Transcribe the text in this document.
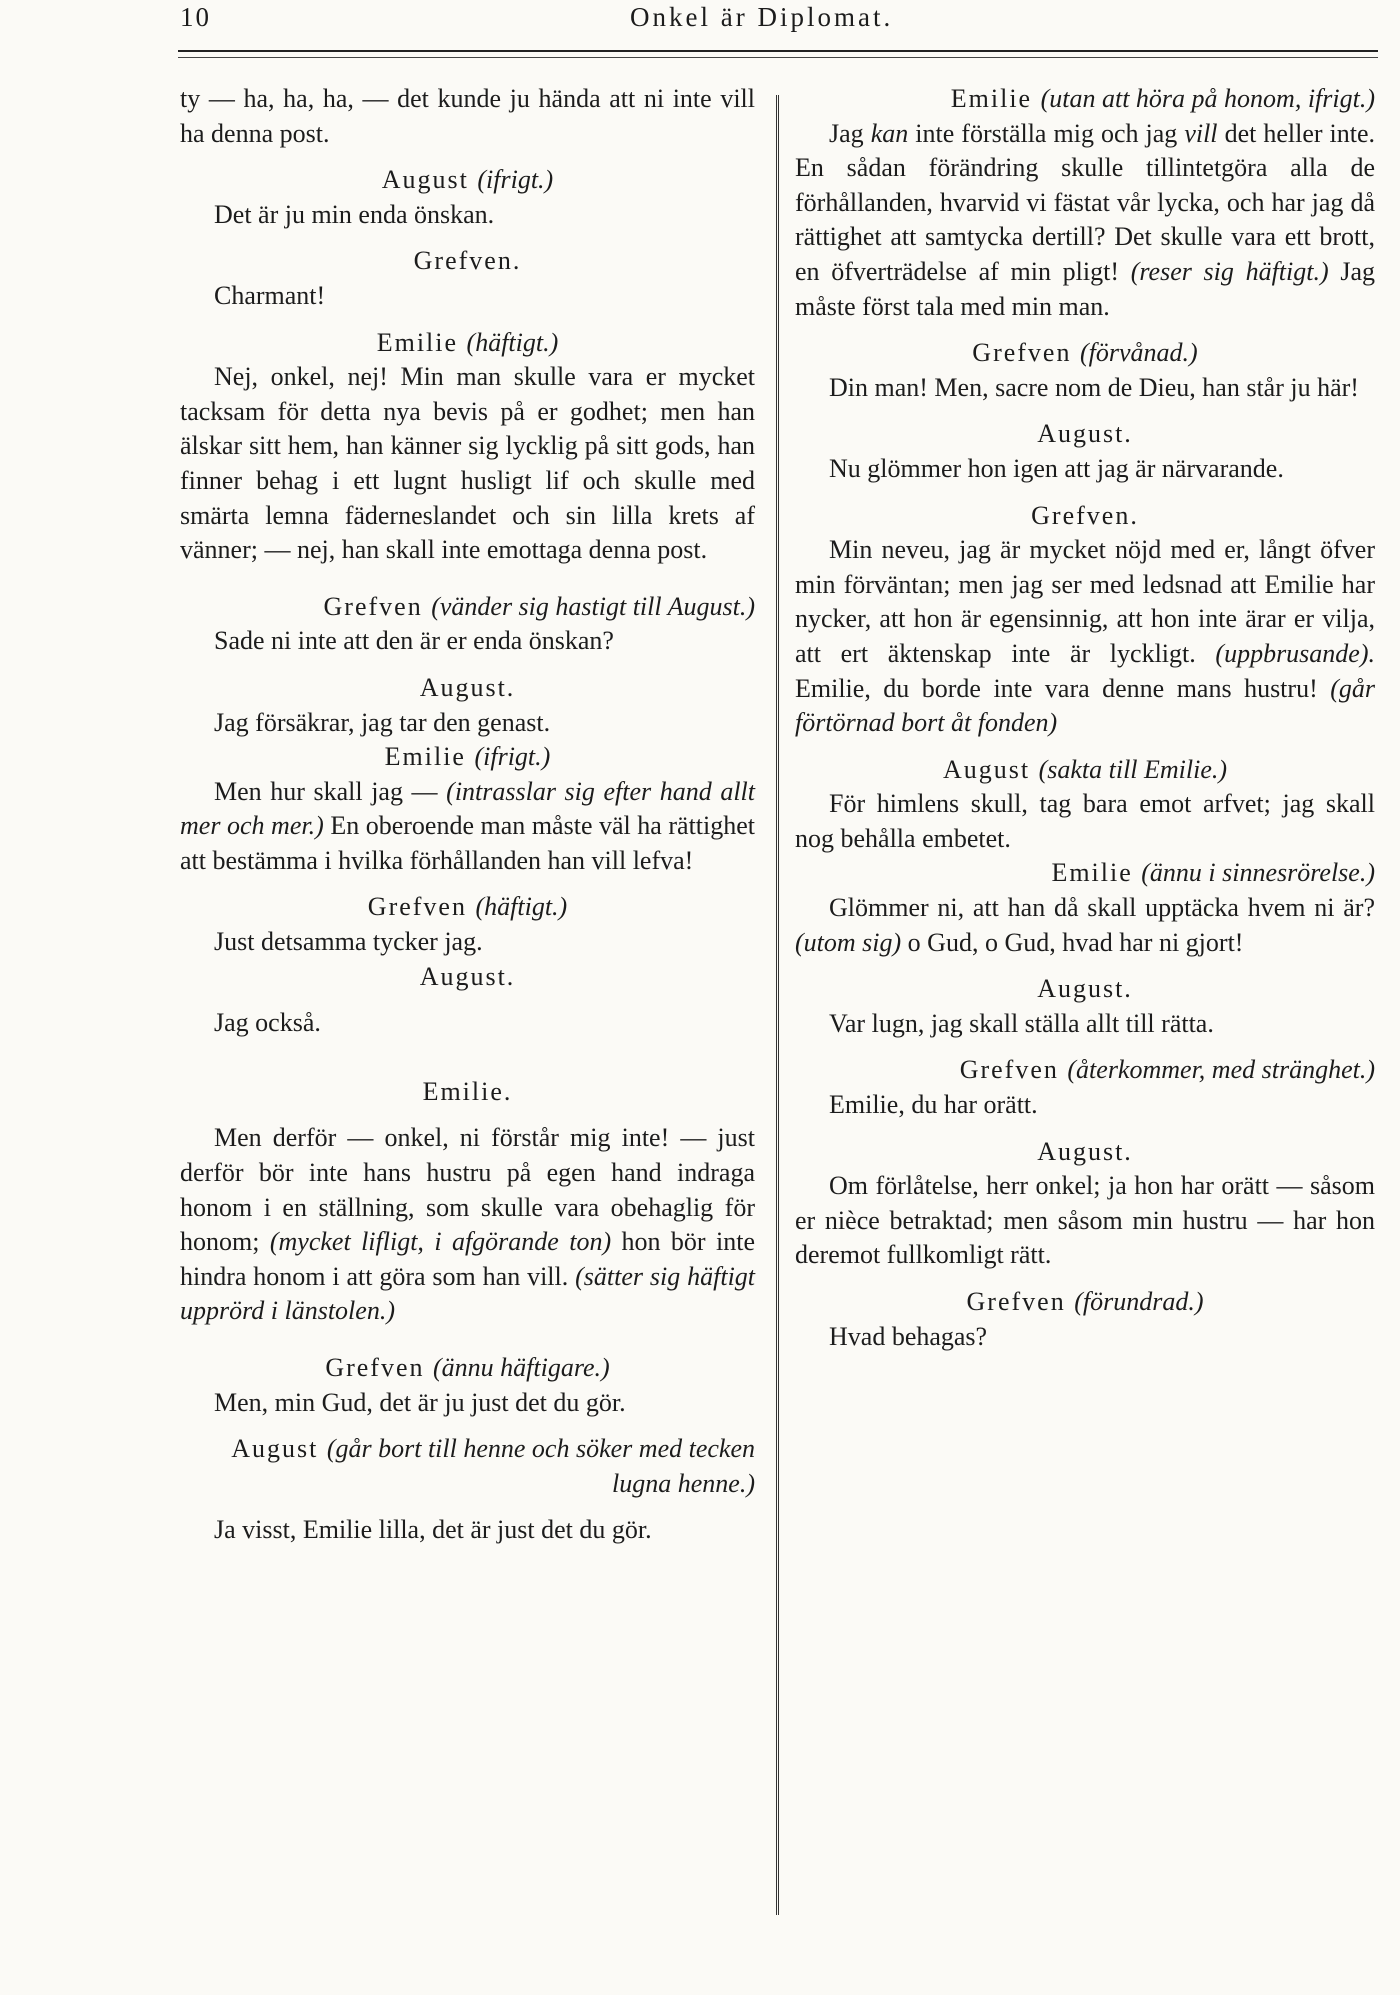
10	Onkel är Diplomat.

ty — ha, ha, ha, — det kunde ju hända att ni inte vill ha denna post.

August (ifrigt.)

Det är ju min enda önskan.

Grefven.

Charmant!

Emilie (häftigt.)

Nej, onkel, nej! Min man skulle vara er mycket tacksam för detta nya bevis på er godhet; men han älskar sitt hem, han känner sig lycklig på sitt gods, han finner behag i ett lugnt husligt lif och skulle med smärta lemna fäderneslandet och sin lilla krets af vänner; — nej, han skall inte emottaga denna post.

Grefven (vänder sig hastigt till August.)

Sade ni inte att den är er enda önskan?

August.

Jag försäkrar, jag tar den genast.

Emilie (ifrigt.)

Men hur skall jag — (intrasslar sig efter hand allt mer och mer.) En oberoende man måste väl ha rättighet att bestämma i hvilka förhållanden han vill lefva!

Grefven (häftigt.)

Just detsamma tycker jag.

August.

Jag också.

Emilie.

Men derför — onkel, ni förstår mig inte! — just derför bör inte hans hustru på egen hand indraga honom i en ställning, som skulle vara obehaglig för honom; (mycket lifligt, i afgörande ton) hon bör inte hindra honom i att göra som han vill. (sätter sig häftigt upprörd i länstolen.)

Grefven (ännu häftigare.)

Men, min Gud, det är ju just det du gör.

August (går bort till henne och söker med tecken lugna henne.)

Ja visst, Emilie lilla, det är just det du gör.

Emilie (utan att höra på honom, ifrigt.)

Jag kan inte förställa mig och jag vill det heller inte. En sådan förändring skulle tillintetgöra alla de förhållanden, hvarvid vi fästat vår lycka, och har jag då rättighet att samtycka dertill? Det skulle vara ett brott, en öfverträdelse af min pligt! (reser sig häftigt.) Jag måste först tala med min man.

Grefven (förvånad.)

Din man! Men, sacre nom de Dieu, han står ju här!

August.

Nu glömmer hon igen att jag är närvarande.

Grefven.

Min neveu, jag är mycket nöjd med er, långt öfver min förväntan; men jag ser med ledsnad att Emilie har nycker, att hon är egensinnig, att hon inte ärar er vilja, att ert äktenskap inte är lyckligt. (uppbrusande). Emilie, du borde inte vara denne mans hustru! (går förtörnad bort åt fonden)

August (sakta till Emilie.)

För himlens skull, tag bara emot arfvet; jag skall nog behålla embetet.

Emilie (ännu i sinnesrörelse.)

Glömmer ni, att han då skall upptäcka hvem ni är? (utom sig) o Gud, o Gud, hvad har ni gjort!

August.

Var lugn, jag skall ställa allt till rätta.

Grefven (återkommer, med stränghet.)

Emilie, du har orätt.

August.

Om förlåtelse, herr onkel; ja hon har orätt — såsom er nièce betraktad; men såsom min hustru — har hon deremot fullkomligt rätt.

Grefven (förundrad.)

Hvad behagas?
